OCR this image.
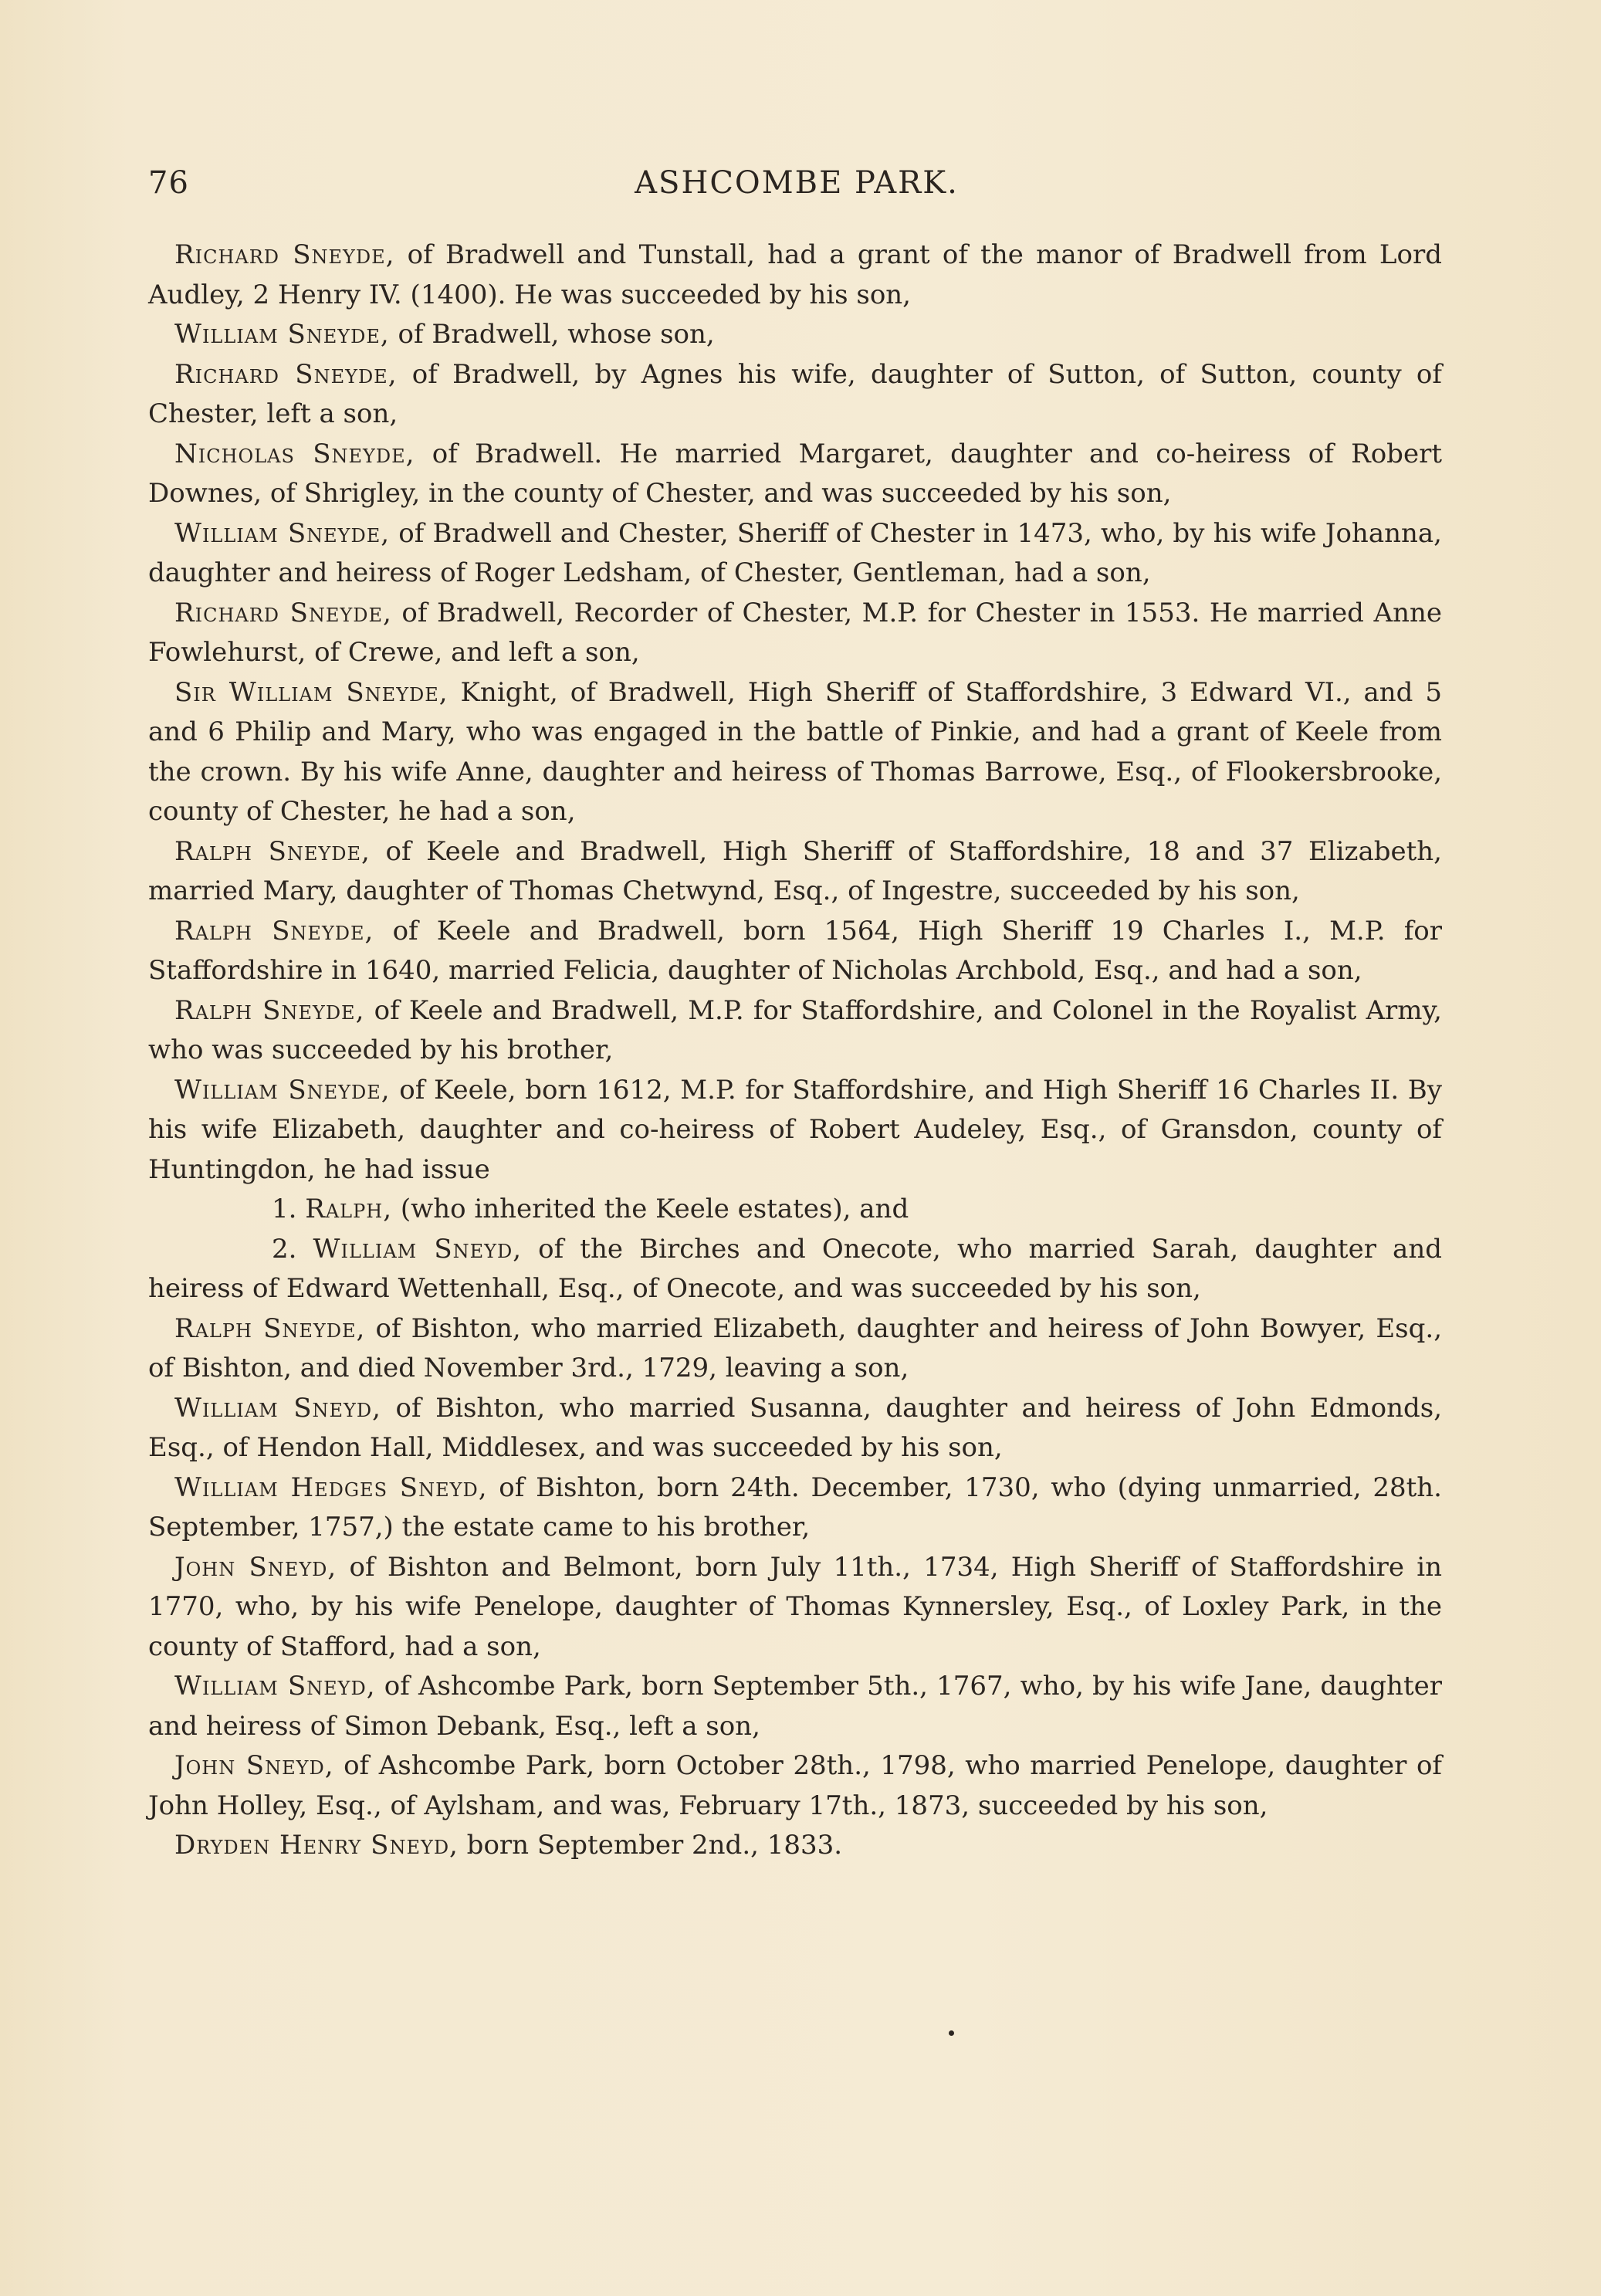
76	ASHCOMBE PARK.

Richard Sneyde, of Bradwell and Tunstall, had a grant of the manor of Bradwell from Lord Audley, 2 Henry IV. (1400). He was succeeded by his son,

William Sneyde, of Bradwell, whose son,

Richard Sneyde, of Bradwell, by Agnes his wife, daughter of Sutton, of Sutton, county of Chester, left a son,

Nicholas Sneyde, of Bradwell. He married Margaret, daughter and co-heiress of Robert Downes, of Shrigley, in the county of Chester, and was succeeded by his son,

William Sneyde, of Bradwell and Chester, Sheriff of Chester in 1473, who, by his wife Johanna, daughter and heiress of Roger Ledsham, of Chester, Gentleman, had a son,

Richard Sneyde, of Bradwell, Recorder of Chester, M.P. for Chester in 1553. He married Anne Fowlehurst, of Crewe, and left a son,

Sir William Sneyde, Knight, of Bradwell, High Sheriff of Staffordshire, 3 Edward VI., and 5 and 6 Philip and Mary, who was engaged in the battle of Pinkie, and had a grant of Keele from the crown. By his wife Anne, daughter and heiress of Thomas Barrowe, Esq., of Flookersbrooke, county of Chester, he had a son,

Ralph Sneyde, of Keele and Bradwell, High Sheriff of Staffordshire, 18 and 37 Elizabeth, married Mary, daughter of Thomas Chetwynd, Esq., of Ingestre, succeeded by his son,

Ralph Sneyde, of Keele and Bradwell, born 1564, High Sheriff 19 Charles I., M.P. for Staffordshire in 1640, married Felicia, daughter of Nicholas Archbold, Esq., and had a son,

Ralph Sneyde, of Keele and Bradwell, M.P. for Staffordshire, and Colonel in the Royalist Army, who was succeeded by his brother,

William Sneyde, of Keele, born 1612, M.P. for Staffordshire, and High Sheriff 16 Charles II. By his wife Elizabeth, daughter and co-heiress of Robert Audeley, Esq., of Gransdon, county of Huntingdon, he had issue

1. Ralph, (who inherited the Keele estates), and

2. William Sneyd, of the Birches and Onecote, who married Sarah, daughter and heiress of Edward Wettenhall, Esq., of Onecote, and was succeeded by his son,

Ralph Sneyde, of Bishton, who married Elizabeth, daughter and heiress of John Bowyer, Esq., of Bishton, and died November 3rd., 1729, leaving a son,

William Sneyd, of Bishton, who married Susanna, daughter and heiress of John Edmonds, Esq., of Hendon Hall, Middlesex, and was succeeded by his son,

William Hedges Sneyd, of Bishton, born 24th. December, 1730, who (dying unmarried, 28th. September, 1757,) the estate came to his brother,

John Sneyd, of Bishton and Belmont, born July 11th., 1734, High Sheriff of Staffordshire in 1770, who, by his wife Penelope, daughter of Thomas Kynnersley, Esq., of Loxley Park, in the county of Stafford, had a son,

William Sneyd, of Ashcombe Park, born September 5th., 1767, who, by his wife Jane, daughter and heiress of Simon Debank, Esq., left a son,

John Sneyd, of Ashcombe Park, born October 28th., 1798, who married Penelope, daughter of John Holley, Esq., of Aylsham, and was, February 17th., 1873, succeeded by his son,

Dryden Henry Sneyd, born September 2nd., 1833.
